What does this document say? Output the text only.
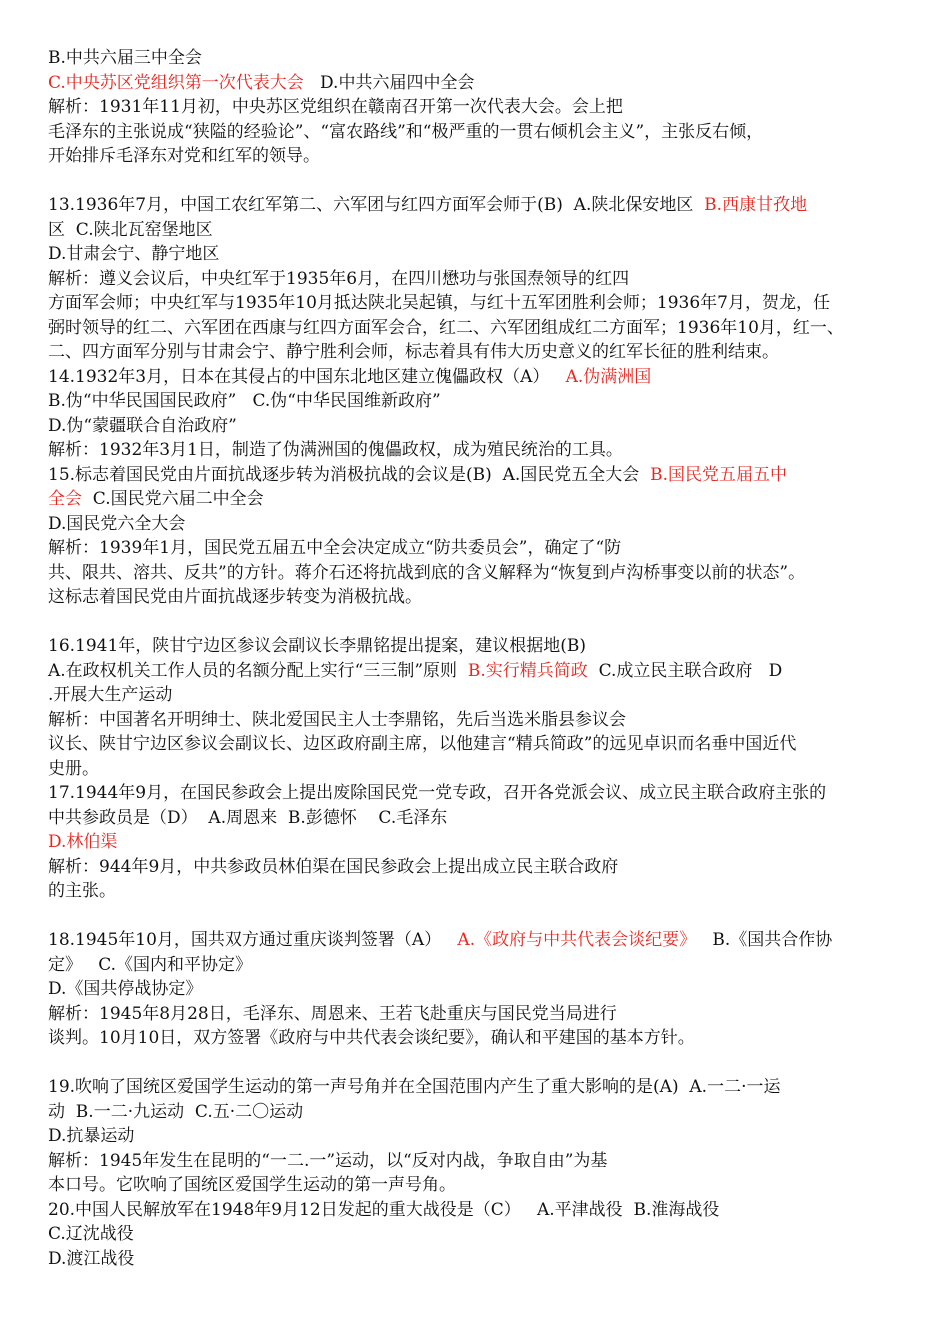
B.中共六届三中全会
C.中央苏区党组织第一次代表大会   D.中共六届四中全会
解析：1931年11月初，中央苏区党组织在赣南召开第一次代表大会。会上把
毛泽东的主张说成“狭隘的经验论”、“富农路线”和“极严重的一贯右倾机会主义”，主张反右倾，
开始排斥毛泽东对党和红军的领导。
13.1936年7月，中国工农红军第二、六军团与红四方面军会师于(B)  A.陕北保安地区  B.西康甘孜地
区  C.陕北瓦窑堡地区
D.甘肃会宁、静宁地区
解析：遵义会议后，中央红军于1935年6月，在四川懋功与张国焘领导的红四
方面军会师；中央红军与1935年10月抵达陕北吴起镇，与红十五军团胜利会师；1936年7月，贺龙，任
弼时领导的红二、六军团在西康与红四方面军会合，红二、六军团组成红二方面军；1936年10月，红一、
二、四方面军分别与甘肃会宁、静宁胜利会师，标志着具有伟大历史意义的红军长征的胜利结束。
14.1932年3月，日本在其侵占的中国东北地区建立傀儡政权（A）   A.伪满洲国
B.伪“中华民国国民政府”   C.伪“中华民国维新政府”
D.伪“蒙疆联合自治政府”
解析：1932年3月1日，制造了伪满洲国的傀儡政权，成为殖民统治的工具。
15.标志着国民党由片面抗战逐步转为消极抗战的会议是(B)  A.国民党五全大会  B.国民党五届五中
全会  C.国民党六届二中全会
D.国民党六全大会
解析：1939年1月，国民党五届五中全会决定成立“防共委员会”，确定了“防
共、限共、溶共、反共”的方针。蒋介石还将抗战到底的含义解释为“恢复到卢沟桥事变以前的状态”。
这标志着国民党由片面抗战逐步转变为消极抗战。
16.1941年，陕甘宁边区参议会副议长李鼎铭提出提案，建议根据地(B)
A.在政权机关工作人员的名额分配上实行“三三制”原则  B.实行精兵简政  C.成立民主联合政府   D
.开展大生产运动
解析：中国著名开明绅士、陕北爱国民主人士李鼎铭，先后当选米脂县参议会
议长、陕甘宁边区参议会副议长、边区政府副主席，以他建言“精兵简政”的远见卓识而名垂中国近代
史册。
17.1944年9月，在国民参政会上提出废除国民党一党专政，召开各党派会议、成立民主联合政府主张的
中共参政员是（D）  A.周恩来  B.彭德怀    C.毛泽东
D.林伯渠
解析：944年9月，中共参政员林伯渠在国民参政会上提出成立民主联合政府
的主张。
18.1945年10月，国共双方通过重庆谈判签署（A）   A.《政府与中共代表会谈纪要》   B.《国共合作协
定》   C.《国内和平协定》
D.《国共停战协定》
解析：1945年8月28日，毛泽东、周恩来、王若飞赴重庆与国民党当局进行
谈判。10月10日，双方签署《政府与中共代表会谈纪要》，确认和平建国的基本方针。
19.吹响了国统区爱国学生运动的第一声号角并在全国范围内产生了重大影响的是(A)  A.一二·一运
动  B.一二·九运动  C.五·二〇运动
D.抗暴运动
解析：1945年发生在昆明的“一二.一”运动，以“反对内战，争取自由”为基
本口号。它吹响了国统区爱国学生运动的第一声号角。
20.中国人民解放军在1948年9月12日发起的重大战役是（C）   A.平津战役  B.淮海战役
C.辽沈战役
D.渡江战役
